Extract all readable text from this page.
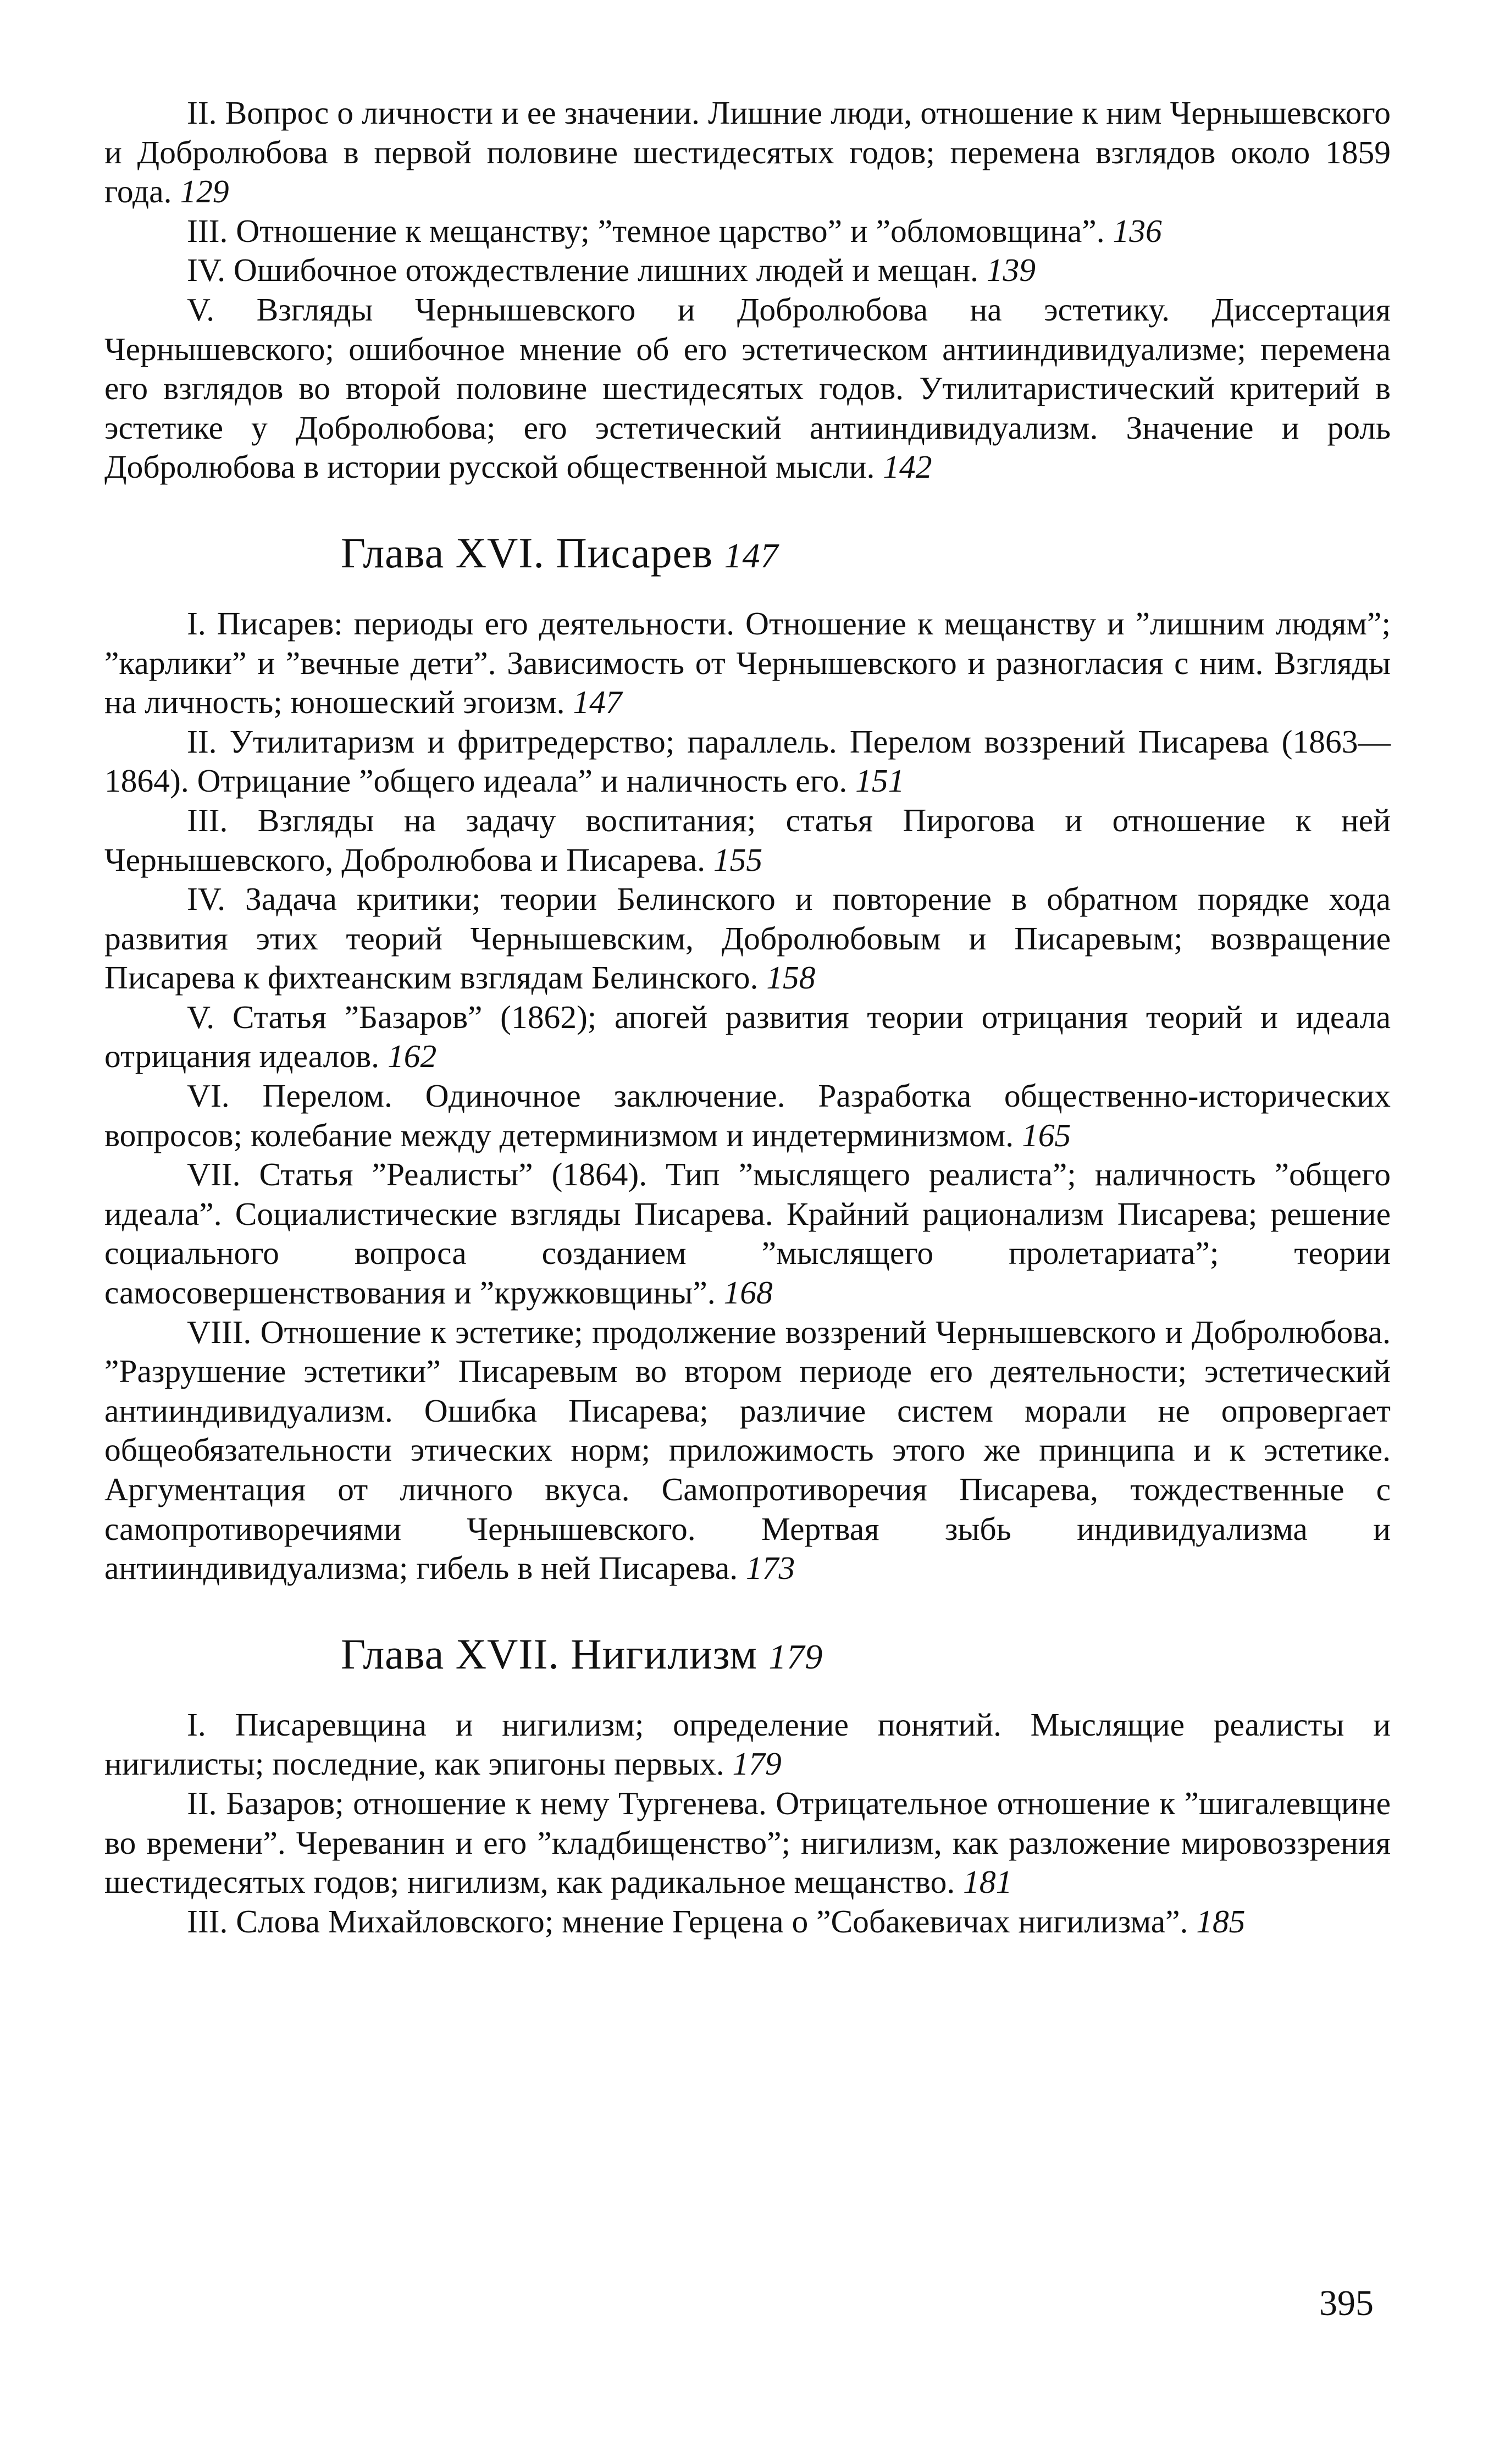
II. Вопрос о личности и ее значении. Лишние люди, отношение к ним Чернышевского и Добролюбова в первой половине шестидесятых годов; перемена взглядов около 1859 года. 129

III. Отношение к мещанству; ”темное царство” и ”обломовщина”. 136

IV. Ошибочное отождествление лишних людей и мещан. 139

V. Взгляды Чернышевского и Добролюбова на эстетику. Диссертация Чернышевского; ошибочное мнение об его эстетическом антииндивидуализме; перемена его взглядов во второй половине шестидесятых годов. Утилитаристический критерий в эстетике у Добролюбова; его эстетический антииндивидуализм. Значение и роль Добролюбова в истории русской общественной мысли. 142

Глава XVI. Писарев 147

I. Писарев: периоды его деятельности. Отношение к мещанству и ”лишним людям”; ”карлики” и ”вечные дети”. Зависимость от Чернышевского и разногласия с ним. Взгляды на личность; юношеский эгоизм. 147

II. Утилитаризм и фритредерство; параллель. Перелом воззрений Писарева (1863—1864). Отрицание ”общего идеала” и наличность его. 151

III. Взгляды на задачу воспитания; статья Пирогова и отношение к ней Чернышевского, Добролюбова и Писарева. 155

IV. Задача критики; теории Белинского и повторение в обратном порядке хода развития этих теорий Чернышевским, Добролюбовым и Писаревым; возвращение Писарева к фихтеанским взглядам Белинского. 158

V. Статья ”Базаров” (1862); апогей развития теории отрицания теорий и идеала отрицания идеалов. 162

VI. Перелом. Одиночное заключение. Разработка общественно-исторических вопросов; колебание между детерминизмом и индетерминизмом. 165

VII. Статья ”Реалисты” (1864). Тип ”мыслящего реалиста”; наличность ”общего идеала”. Социалистические взгляды Писарева. Крайний рационализм Писарева; решение социального вопроса созданием ”мыслящего пролетариата”; теории самосовершенствования и ”кружковщины”. 168

VIII. Отношение к эстетике; продолжение воззрений Чернышевского и Добролюбова. ”Разрушение эстетики” Писаревым во втором периоде его деятельности; эстетический антииндивидуализм. Ошибка Писарева; различие систем морали не опровергает общеобязательности этических норм; приложимость этого же принципа и к эстетике. Аргументация от личного вкуса. Самопротиворечия Писарева, тождественные с самопротиворечиями Чернышевского. Мертвая зыбь индивидуализма и антииндивидуализма; гибель в ней Писарева. 173

Глава XVII. Нигилизм 179

I. Писаревщина и нигилизм; определение понятий. Мыслящие реалисты и нигилисты; последние, как эпигоны первых. 179

II. Базаров; отношение к нему Тургенева. Отрицательное отношение к ”шигалевщине во времени”. Череванин и его ”кладбищенство”; нигилизм, как разложение мировоззрения шестидесятых годов; нигилизм, как радикальное мещанство. 181

III. Слова Михайловского; мнение Герцена о ”Собакевичах нигилизма”. 185

395
